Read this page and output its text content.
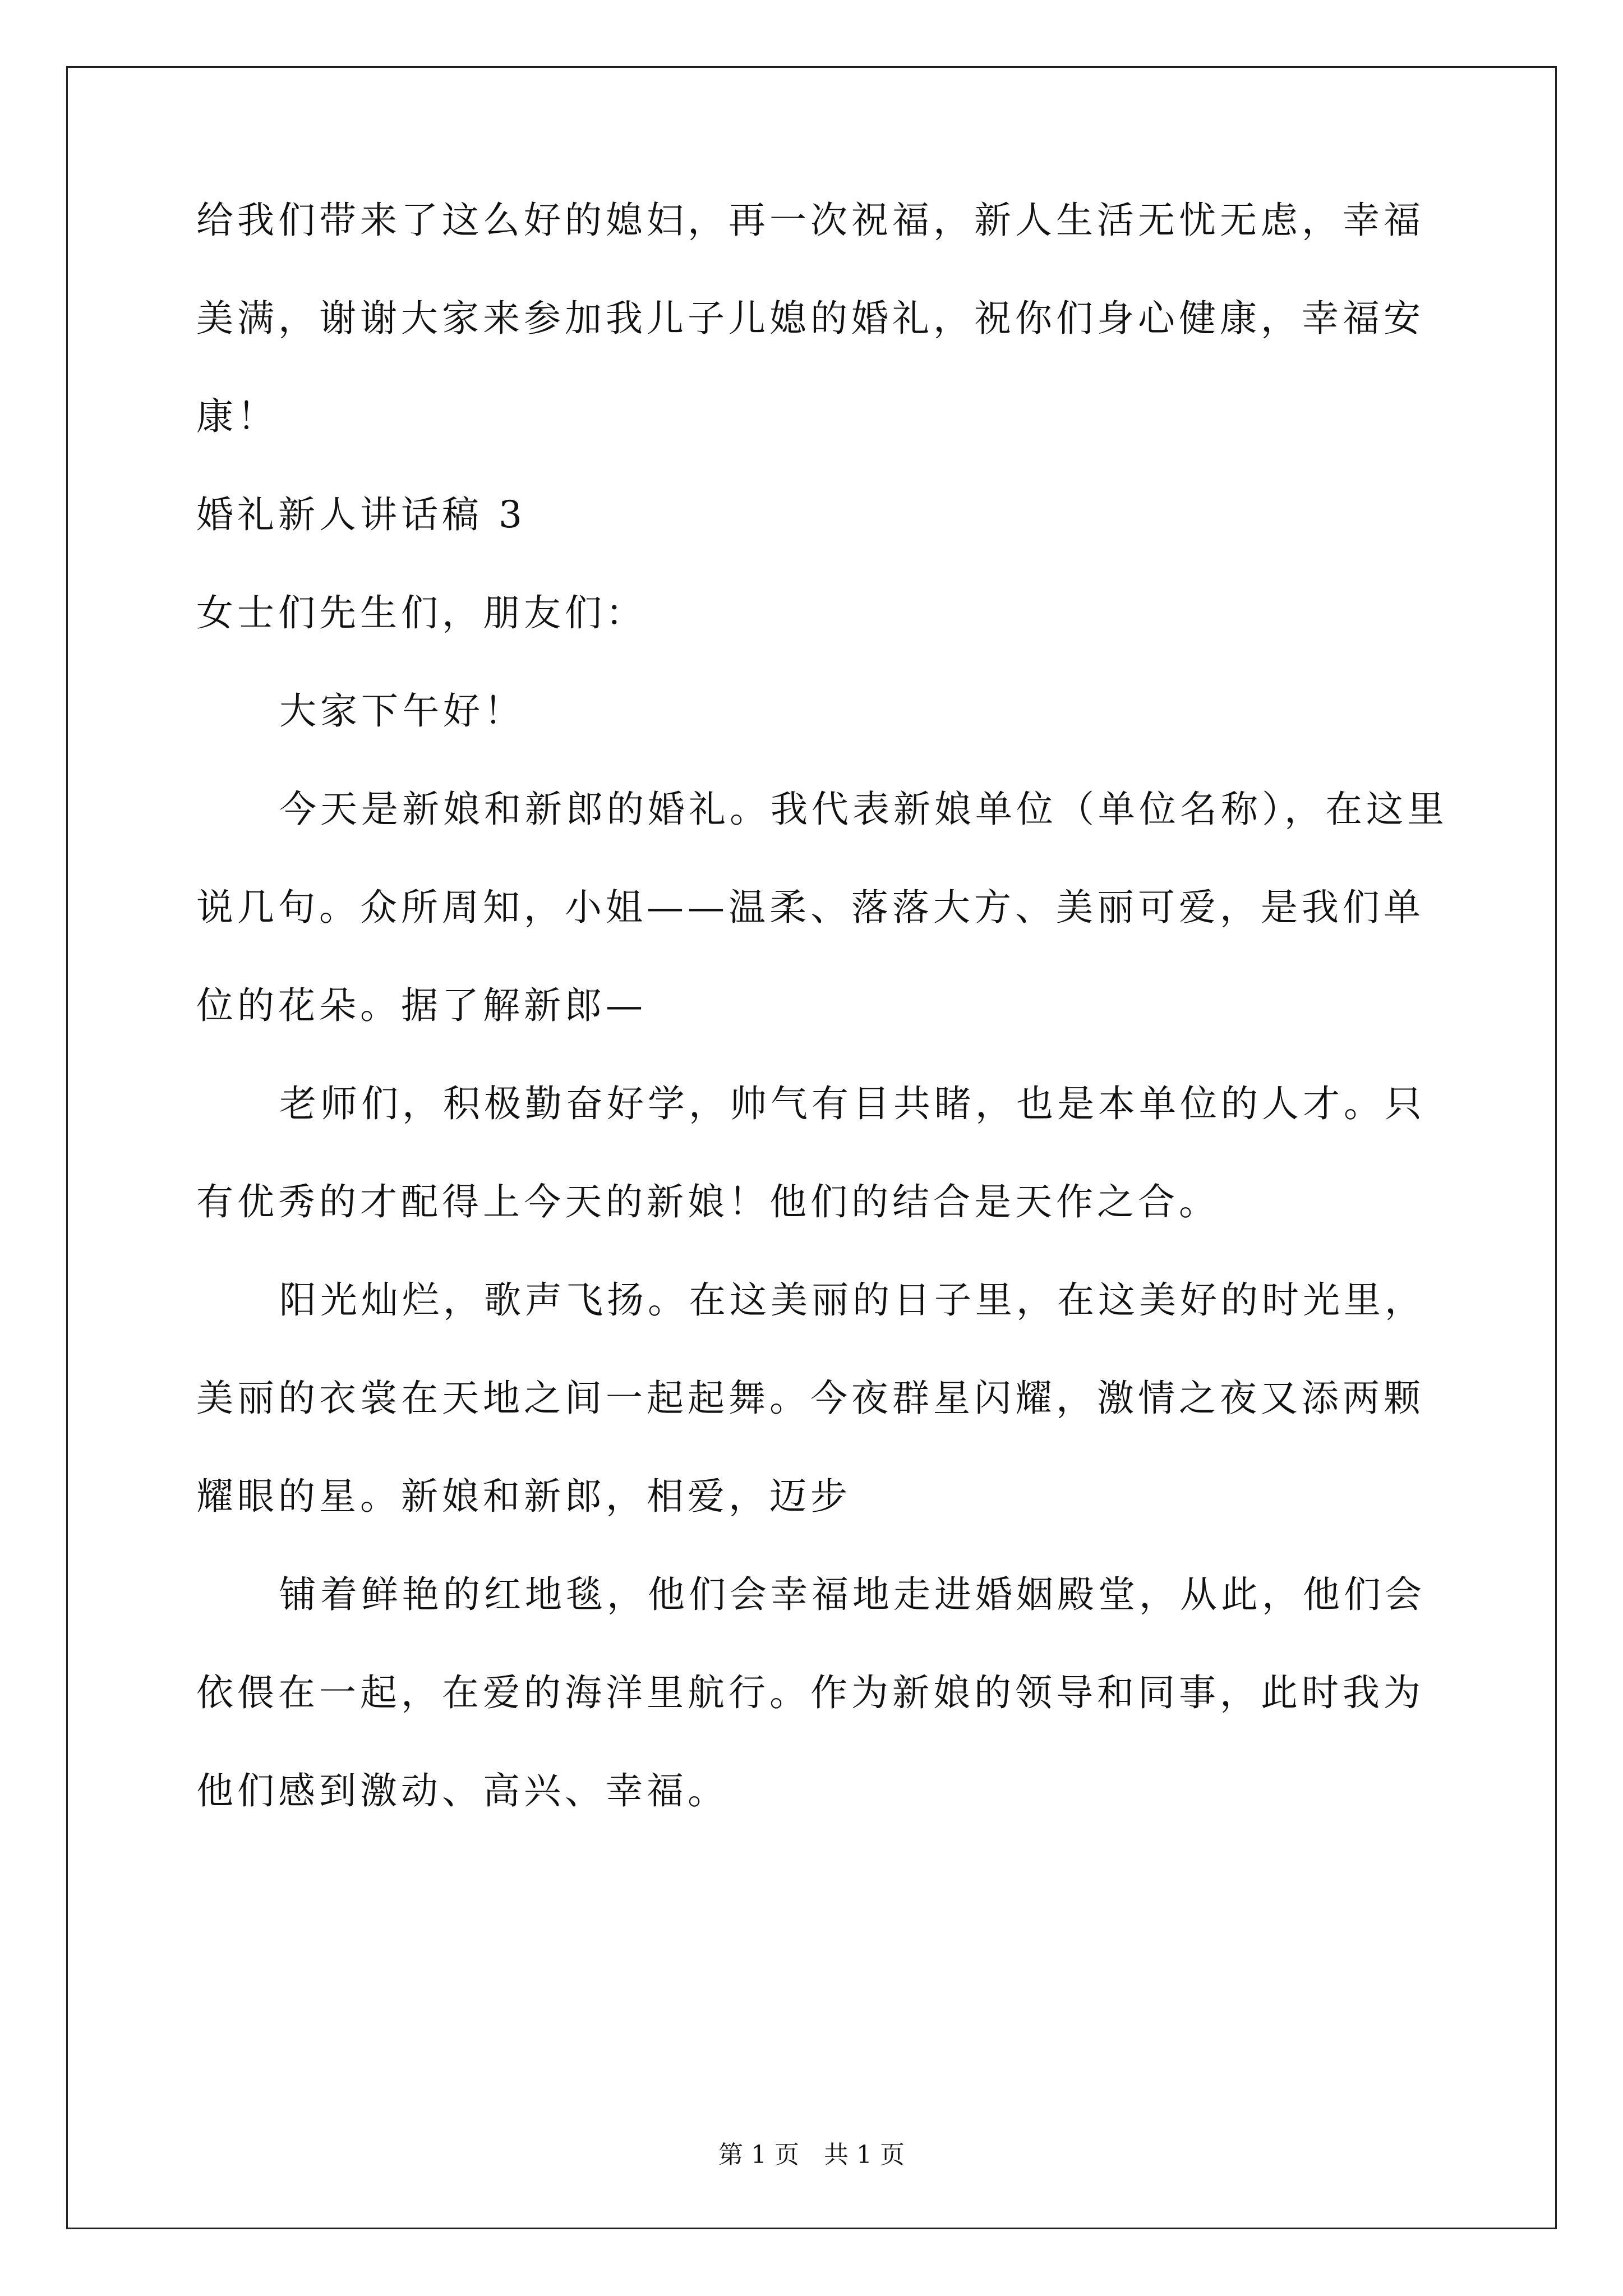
给我们带来了这么好的媳妇，再一次祝福，新人生活无忧无虑，幸福
美满，谢谢大家来参加我儿子儿媳的婚礼，祝你们身心健康，幸福安
康！
婚礼新人讲话稿 3
女士们先生们，朋友们：
大家下午好！
今天是新娘和新郎的婚礼。我代表新娘单位（单位名称），在这里
说几句。众所周知，小姐——温柔、落落大方、美丽可爱，是我们单
位的花朵。据了解新郎—
老师们，积极勤奋好学，帅气有目共睹，也是本单位的人才。只
有优秀的才配得上今天的新娘！他们的结合是天作之合。
阳光灿烂，歌声飞扬。在这美丽的日子里，在这美好的时光里，
美丽的衣裳在天地之间一起起舞。今夜群星闪耀，激情之夜又添两颗
耀眼的星。新娘和新郎，相爱，迈步
铺着鲜艳的红地毯，他们会幸福地走进婚姻殿堂，从此，他们会
依偎在一起，在爱的海洋里航行。作为新娘的领导和同事，此时我为
他们感到激动、高兴、幸福。
第 1 页　共 1 页
